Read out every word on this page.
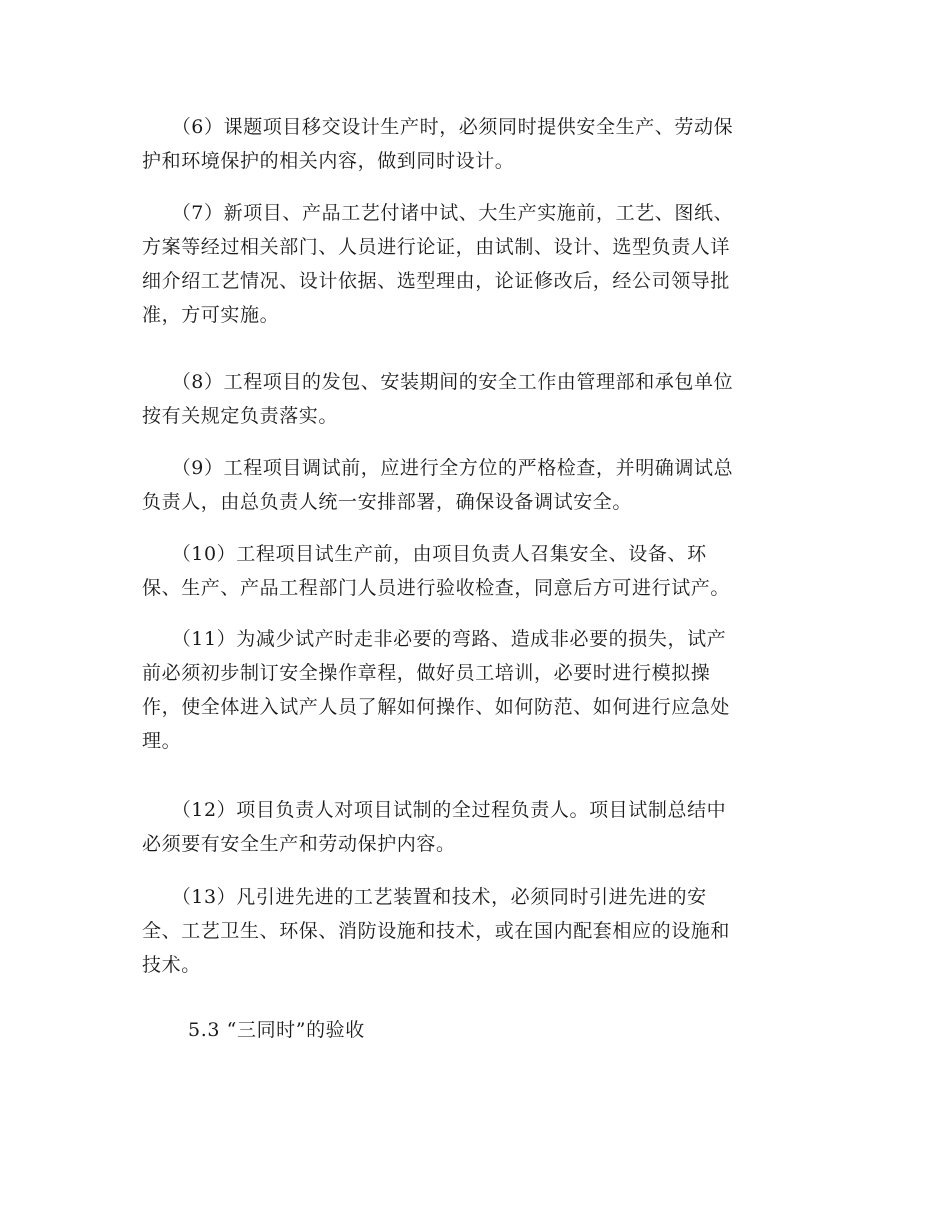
　　（6）课题项目移交设计生产时，必须同时提供安全生产、劳动保
护和环境保护的相关内容，做到同时设计。
　　（7）新项目、产品工艺付诸中试、大生产实施前，工艺、图纸、
方案等经过相关部门、人员进行论证，由试制、设计、选型负责人详
细介绍工艺情况、设计依据、选型理由，论证修改后，经公司领导批
准，方可实施。
　　（8）工程项目的发包、安装期间的安全工作由管理部和承包单位
按有关规定负责落实。
　　（9）工程项目调试前，应进行全方位的严格检查，并明确调试总
负责人，由总负责人统一安排部署，确保设备调试安全。
　　（10）工程项目试生产前，由项目负责人召集安全、设备、环
保、生产、产品工程部门人员进行验收检查，同意后方可进行试产。
　　（11）为减少试产时走非必要的弯路、造成非必要的损失，试产
前必须初步制订安全操作章程，做好员工培训，必要时进行模拟操
作，使全体进入试产人员了解如何操作、如何防范、如何进行应急处
理。
　　（12）项目负责人对项目试制的全过程负责人。项目试制总结中
必须要有安全生产和劳动保护内容。
　　（13）凡引进先进的工艺装置和技术，必须同时引进先进的安
全、工艺卫生、环保、消防设施和技术，或在国内配套相应的设施和
技术。
5.3 “三同时”的验收
